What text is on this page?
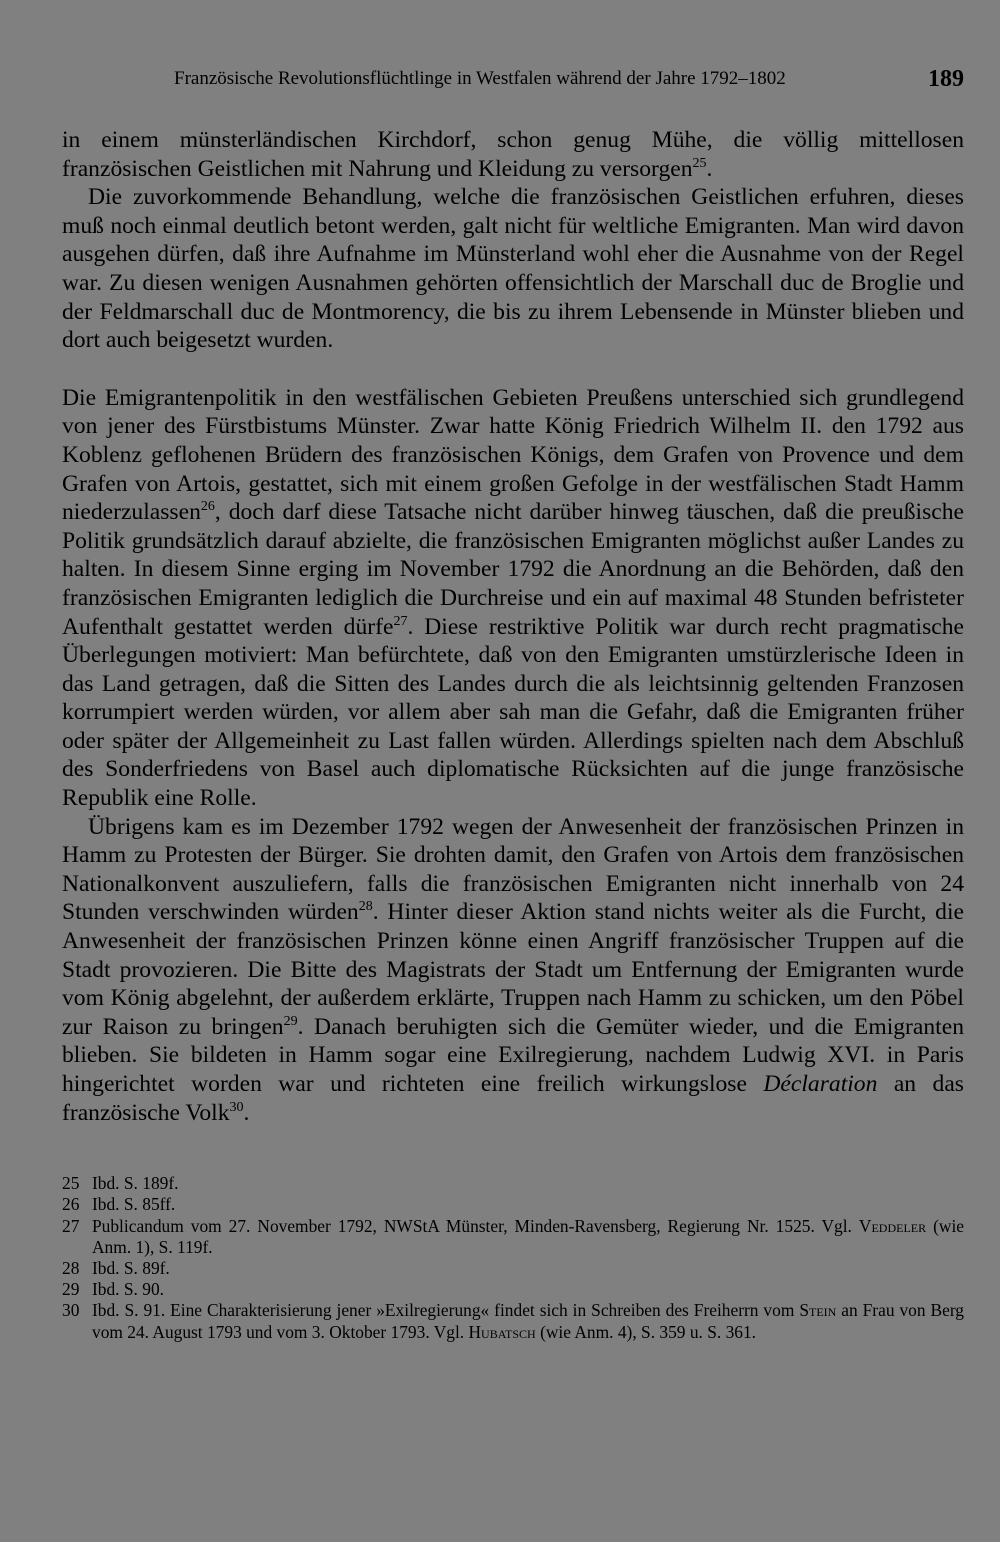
Französische Revolutionsflüchtlinge in Westfalen während der Jahre 1792–1802	189

in einem münsterländischen Kirchdorf, schon genug Mühe, die völlig mittellosen französischen Geistlichen mit Nahrung und Kleidung zu versorgen$^{25}$.

Die zuvorkommende Behandlung, welche die französischen Geistlichen erfuhren, dieses muß noch einmal deutlich betont werden, galt nicht für weltliche Emigranten. Man wird davon ausgehen dürfen, daß ihre Aufnahme im Münsterland wohl eher die Ausnahme von der Regel war. Zu diesen wenigen Ausnahmen gehörten offensichtlich der Marschall duc de Broglie und der Feldmarschall duc de Montmorency, die bis zu ihrem Lebensende in Münster blieben und dort auch beigesetzt wurden.

Die Emigrantenpolitik in den westfälischen Gebieten Preußens unterschied sich grundlegend von jener des Fürstbistums Münster. Zwar hatte König Friedrich Wilhelm II. den 1792 aus Koblenz geflohenen Brüdern des französischen Königs, dem Grafen von Provence und dem Grafen von Artois, gestattet, sich mit einem großen Gefolge in der westfälischen Stadt Hamm niederzulassen$^{26}$, doch darf diese Tatsache nicht darüber hinweg täuschen, daß die preußische Politik grundsätzlich darauf abzielte, die französischen Emigranten möglichst außer Landes zu halten. In diesem Sinne erging im November 1792 die Anordnung an die Behörden, daß den französischen Emigranten lediglich die Durchreise und ein auf maximal 48 Stunden befristeter Aufenthalt gestattet werden dürfe$^{27}$. Diese restriktive Politik war durch recht pragmatische Überlegungen motiviert: Man befürchtete, daß von den Emigranten umstürzlerische Ideen in das Land getragen, daß die Sitten des Landes durch die als leichtsinnig geltenden Franzosen korrumpiert werden würden, vor allem aber sah man die Gefahr, daß die Emigranten früher oder später der Allgemeinheit zu Last fallen würden. Allerdings spielten nach dem Abschluß des Sonderfriedens von Basel auch diplomatische Rücksichten auf die junge französische Republik eine Rolle.

Übrigens kam es im Dezember 1792 wegen der Anwesenheit der französischen Prinzen in Hamm zu Protesten der Bürger. Sie drohten damit, den Grafen von Artois dem französischen Nationalkonvent auszuliefern, falls die französischen Emigranten nicht innerhalb von 24 Stunden verschwinden würden$^{28}$. Hinter dieser Aktion stand nichts weiter als die Furcht, die Anwesenheit der französischen Prinzen könne einen Angriff französischer Truppen auf die Stadt provozieren. Die Bitte des Magistrats der Stadt um Entfernung der Emigranten wurde vom König abgelehnt, der außerdem erklärte, Truppen nach Hamm zu schicken, um den Pöbel zur Raison zu bringen$^{29}$. Danach beruhigten sich die Gemüter wieder, und die Emigranten blieben. Sie bildeten in Hamm sogar eine Exilregierung, nachdem Ludwig XVI. in Paris hingerichtet worden war und richteten eine freilich wirkungslose Déclaration an das französische Volk$^{30}$.

25 Ibd. S. 189f.
26 Ibd. S. 85ff.
27 Publicandum vom 27. November 1792, NWStA Münster, Minden-Ravensberg, Regierung Nr. 1525. Vgl. Veddeler (wie Anm. 1), S. 119f.
28 Ibd. S. 89f.
29 Ibd. S. 90.
30 Ibd. S. 91. Eine Charakterisierung jener »Exilregierung« findet sich in Schreiben des Freiherrn vom Stein an Frau von Berg vom 24. August 1793 und vom 3. Oktober 1793. Vgl. Hubatsch (wie Anm. 4), S. 359 u. S. 361.
